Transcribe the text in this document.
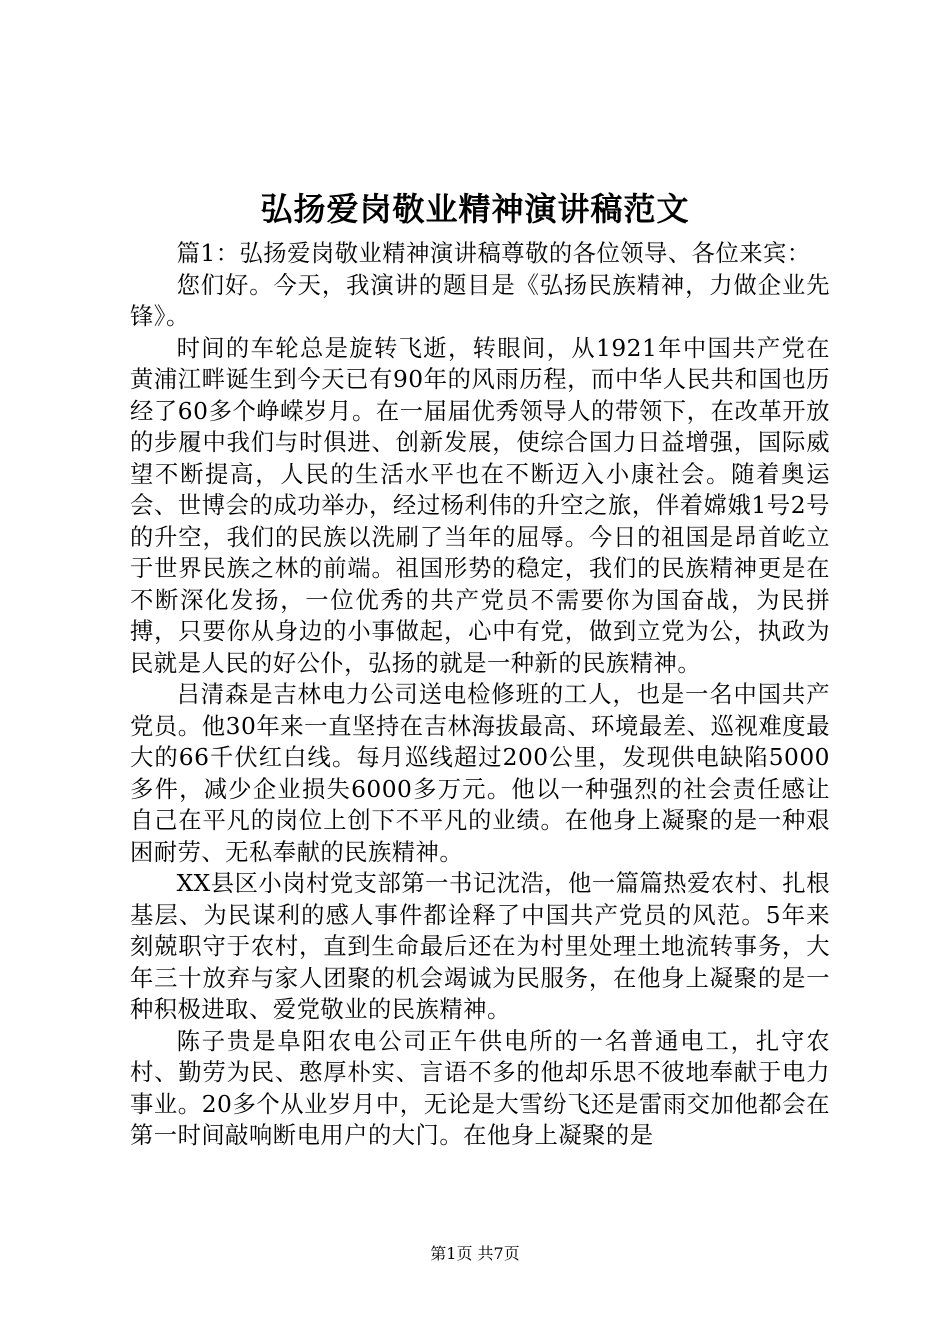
弘扬爱岗敬业精神演讲稿范文

篇1：弘扬爱岗敬业精神演讲稿尊敬的各位领导、各位来宾：

您们好。今天，我演讲的题目是《弘扬民族精神，力做企业先锋》。

时间的车轮总是旋转飞逝，转眼间，从1921年中国共产党在黄浦江畔诞生到今天已有90年的风雨历程，而中华人民共和国也历经了60多个峥嵘岁月。在一届届优秀领导人的带领下，在改革开放的步履中我们与时俱进、创新发展，使综合国力日益增强，国际威望不断提高，人民的生活水平也在不断迈入小康社会。随着奥运会、世博会的成功举办，经过杨利伟的升空之旅，伴着嫦娥1号2号的升空，我们的民族以洗刷了当年的屈辱。今日的祖国是昂首屹立于世界民族之林的前端。祖国形势的稳定，我们的民族精神更是在不断深化发扬，一位优秀的共产党员不需要你为国奋战，为民拼搏，只要你从身边的小事做起，心中有党，做到立党为公，执政为民就是人民的好公仆，弘扬的就是一种新的民族精神。

吕清森是吉林电力公司送电检修班的工人，也是一名中国共产党员。他30年来一直坚持在吉林海拔最高、环境最差、巡视难度最大的66千伏红白线。每月巡线超过200公里，发现供电缺陷5000多件，减少企业损失6000多万元。他以一种强烈的社会责任感让自己在平凡的岗位上创下不平凡的业绩。在他身上凝聚的是一种艰困耐劳、无私奉献的民族精神。

XX县区小岗村党支部第一书记沈浩，他一篇篇热爱农村、扎根基层、为民谋利的感人事件都诠释了中国共产党员的风范。5年来刻兢职守于农村，直到生命最后还在为村里处理土地流转事务，大年三十放弃与家人团聚的机会竭诚为民服务，在他身上凝聚的是一种积极进取、爱党敬业的民族精神。

陈子贵是阜阳农电公司正午供电所的一名普通电工，扎守农村、勤劳为民、憨厚朴实、言语不多的他却乐思不彼地奉献于电力事业。20多个从业岁月中，无论是大雪纷飞还是雷雨交加他都会在第一时间敲响断电用户的大门。在他身上凝聚的是

第1页 共7页
